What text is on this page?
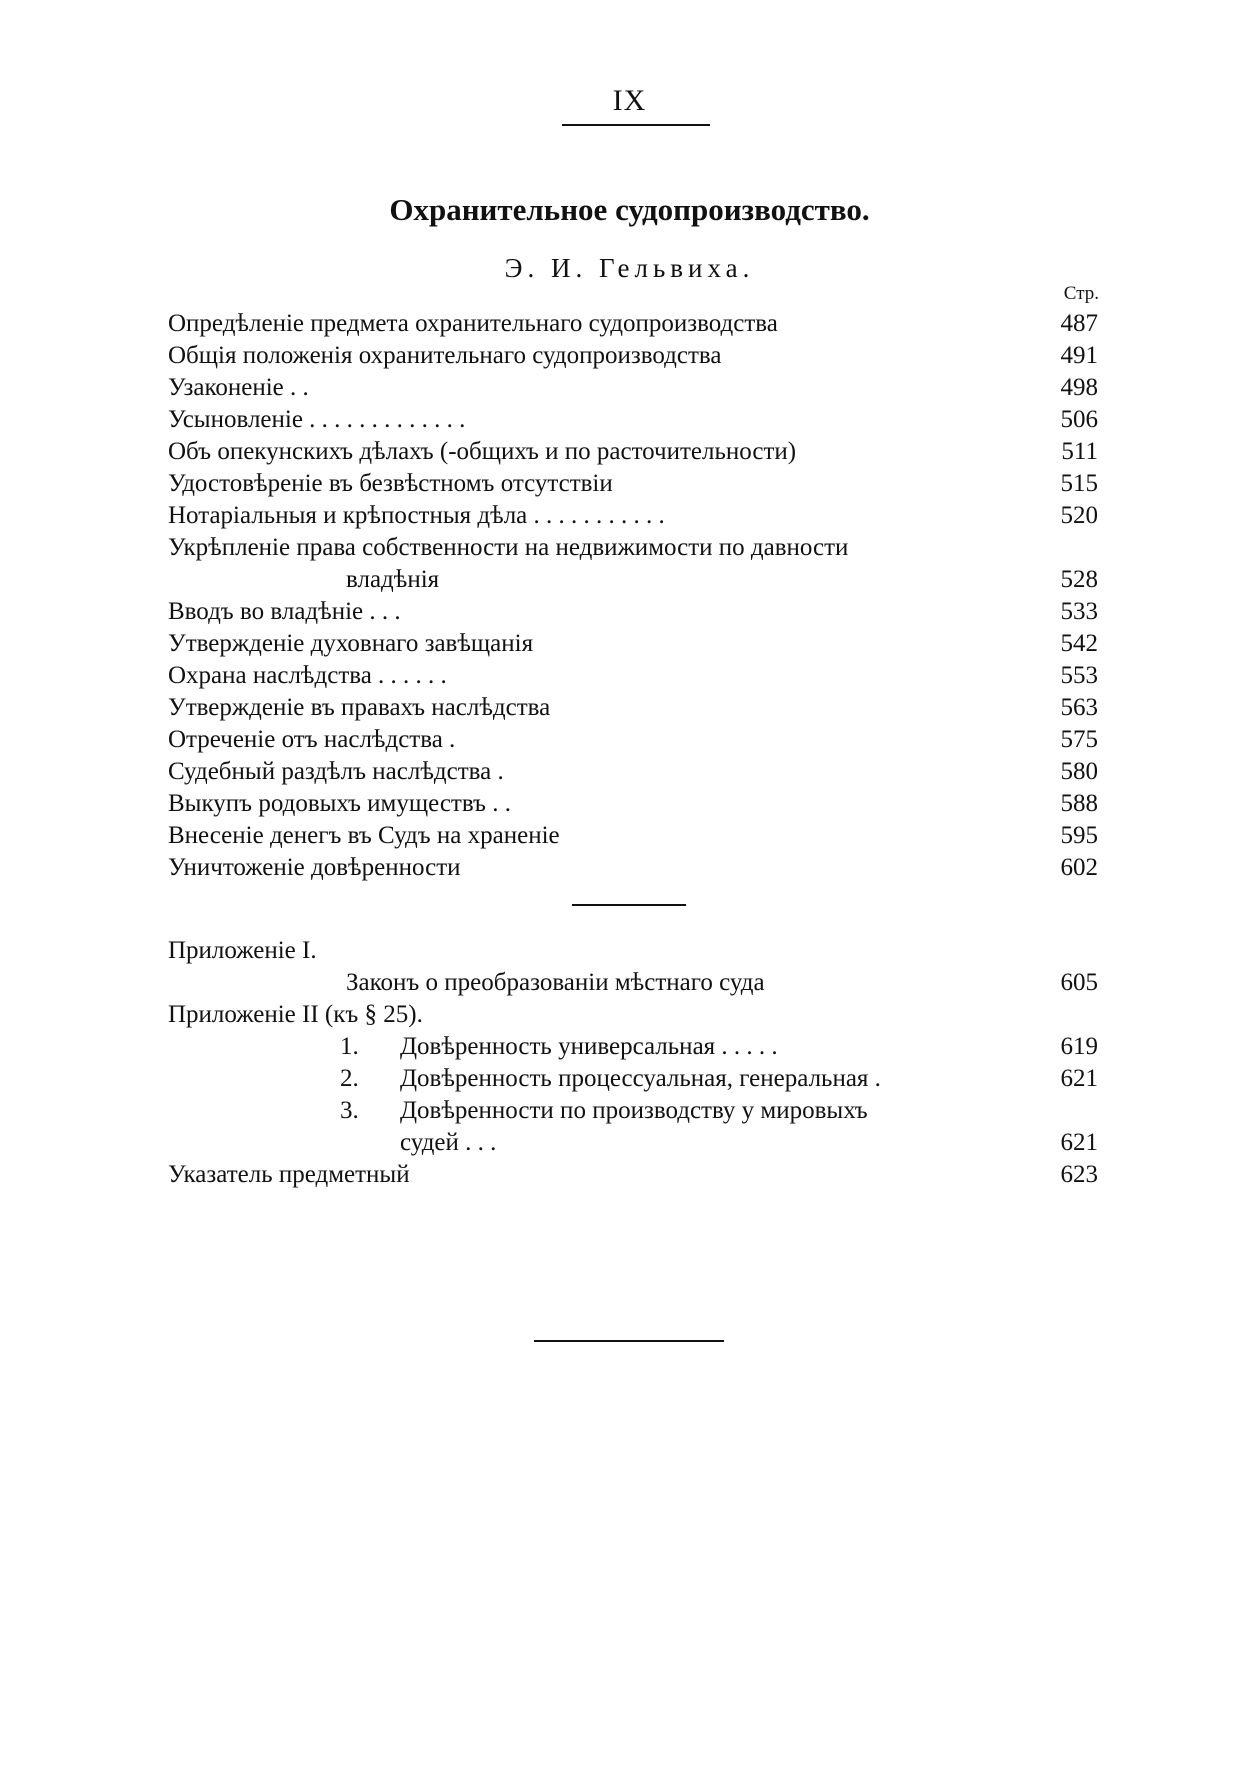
IX
Охранительное судопроизводство.
Э. И. Гельвиха.
Стр.
Опредѣленіе предмета охранительнаго судопроизводства	487
Общія положенія охранительнаго судопроизводства	491
Узаконеніе . .	498
Усыновленіе . . . . . . . . . . . . .	506
Объ опекунскихъ дѣлахъ (-общихъ и по расточительности)	511
Удостовѣреніе въ безвѣстномъ отсутствіи	515
Нотаріальныя и крѣпостныя дѣла . . . . . . . . . . .	520
Укрѣпленіе права собственности на недвижимости по давности
владѣнія	528
Вводъ во владѣніе . . .	533
Утвержденіе духовнаго завѣщанія	542
Охрана наслѣдства . . . . . .	553
Утвержденіе въ правахъ наслѣдства	563
Отреченіе отъ наслѣдства .	575
Судебный раздѣлъ наслѣдства .	580
Выкупъ родовыхъ имуществъ . .	588
Внесеніе денегъ въ Судъ на храненіе	595
Уничтоженіе довѣренности	602
Приложеніе I.
Законъ о преобразованіи мѣстнаго суда	605
Приложеніе II (къ § 25).
1. Довѣренность универсальная . . . . .	619
2. Довѣренность процессуальная, генеральная .	621
3. Довѣренности по производству у мировыхъ
судей . . .	621
Указатель предметный	623
